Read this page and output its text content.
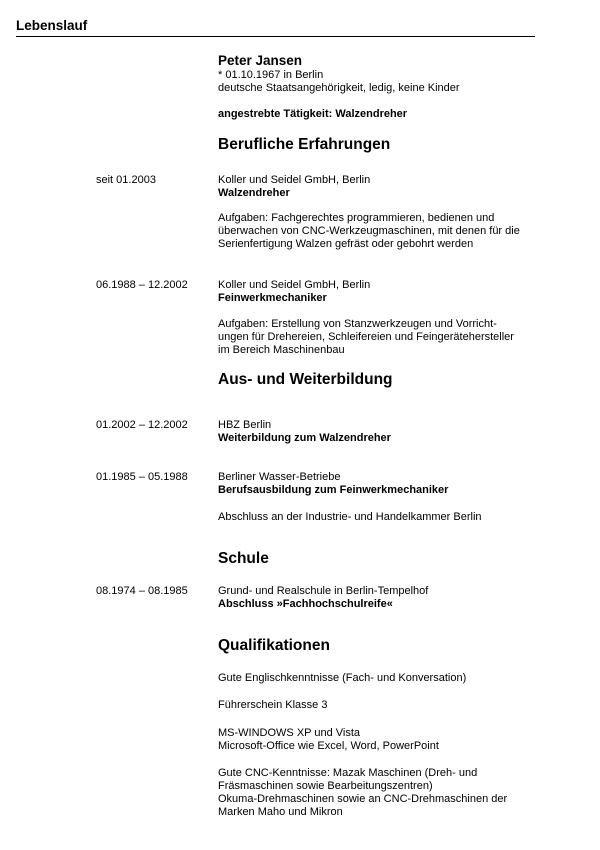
Lebenslauf
Peter Jansen
* 01.10.1967 in Berlin
deutsche Staatsangehörigkeit, ledig, keine Kinder
angestrebte Tätigkeit: Walzendreher
Berufliche Erfahrungen
seit 01.2003	Koller und Seidel GmbH, Berlin
Walzendreher
Aufgaben: Fachgerechtes programmieren, bedienen und
überwachen von CNC-Werkzeugmaschinen, mit denen für die
Serienfertigung Walzen gefräst oder gebohrt werden
06.1988 – 12.2002	Koller und Seidel GmbH, Berlin
Feinwerkmechaniker
Aufgaben: Erstellung von Stanzwerkzeugen und Vorricht-
ungen für Drehereien, Schleifereien und Feingerätehersteller
im Bereich Maschinenbau
Aus- und Weiterbildung
01.2002 – 12.2002	HBZ Berlin
Weiterbildung zum Walzendreher
01.1985 – 05.1988	Berliner Wasser-Betriebe
Berufsausbildung zum Feinwerkmechaniker
Abschluss an der Industrie- und Handelkammer Berlin
Schule
08.1974 – 08.1985	Grund- und Realschule in Berlin-Tempelhof
Abschluss »Fachhochschulreife«
Qualifikationen
Gute Englischkenntnisse (Fach- und Konversation)
Führerschein Klasse 3
MS-WINDOWS XP und Vista
Microsoft-Office wie Excel, Word, PowerPoint
Gute CNC-Kenntnisse: Mazak Maschinen (Dreh- und
Fräsmaschinen sowie Bearbeitungszentren)
Okuma-Drehmaschinen sowie an CNC-Drehmaschinen der
Marken Maho und Mikron
